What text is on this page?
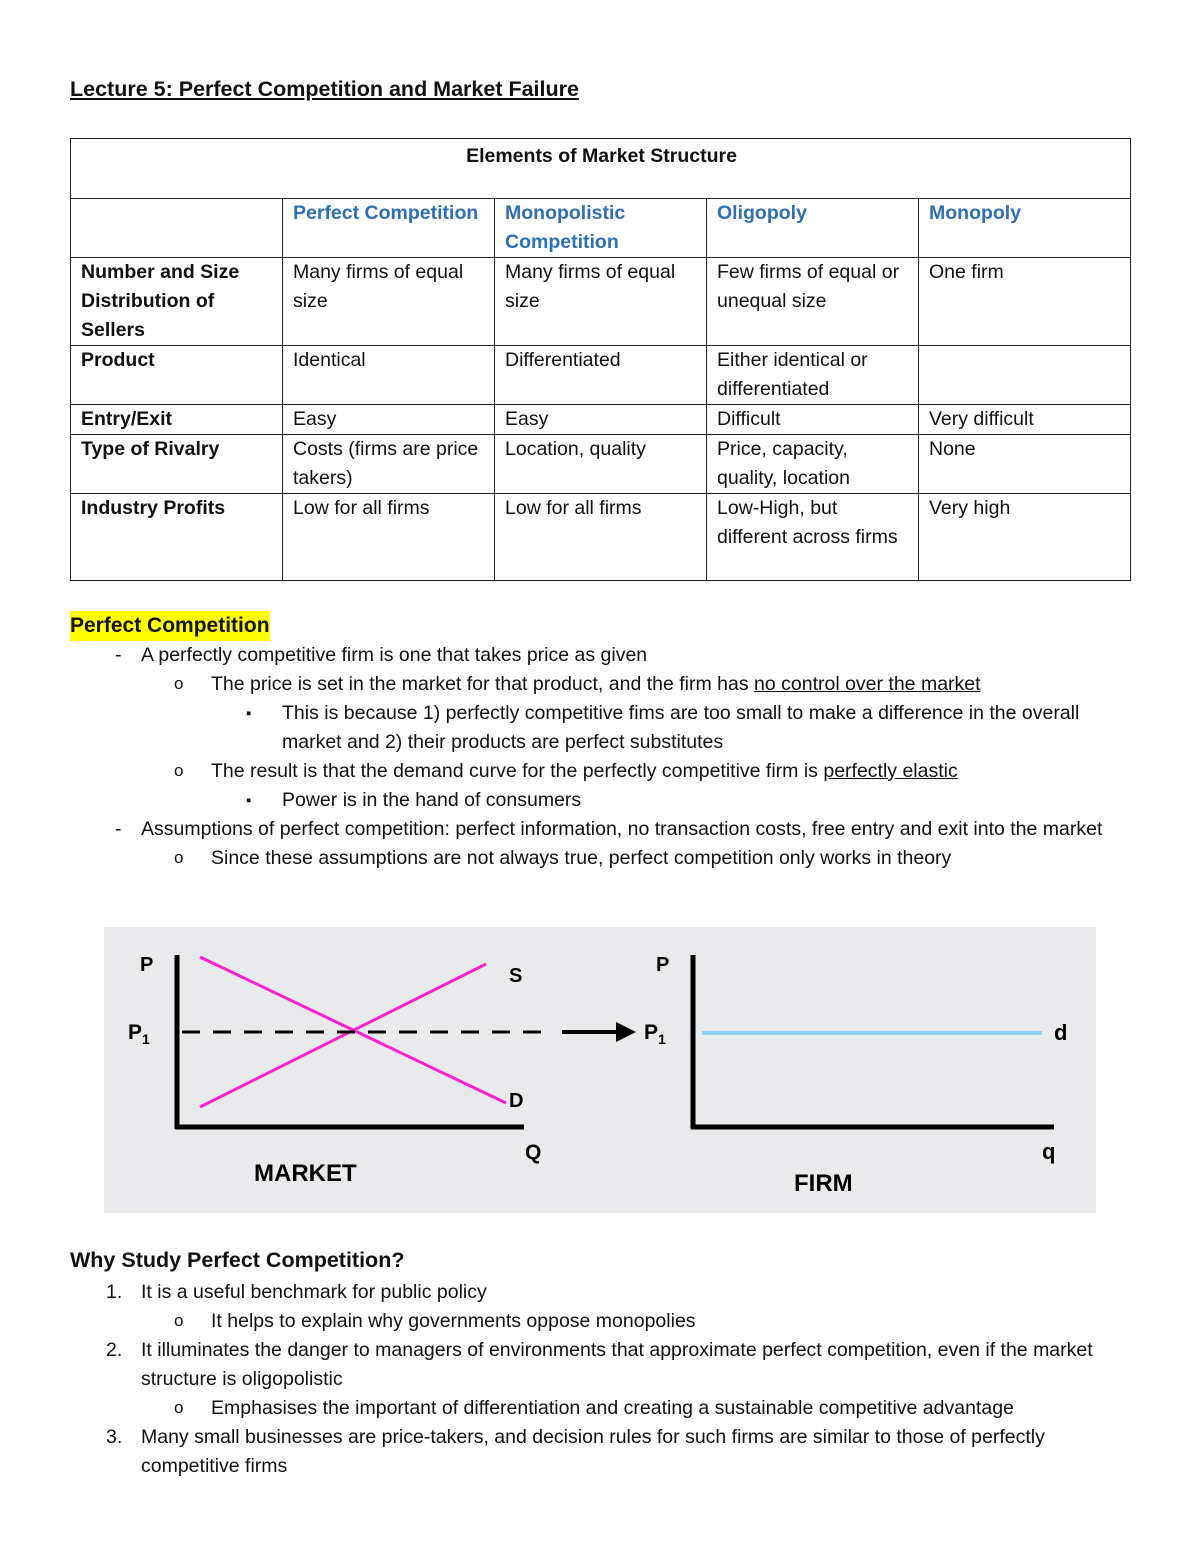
Lecture 5: Perfect Competition and Market Failure
Elements of Market Structure				
	Perfect Competition	Monopolistic Competition	Oligopoly	Monopoly
Number and Size Distribution of Sellers	Many firms of equal size	Many firms of equal size	Few firms of equal or unequal size	One firm
Product	Identical	Differentiated	Either identical or differentiated	
Entry/Exit	Easy	Easy	Difficult	Very difficult
Type of Rivalry	Costs (firms are price takers)	Location, quality	Price, capacity, quality, location	None
Industry Profits	Low for all firms	Low for all firms	Low-High, but different across firms	Very high
Perfect Competition
- A perfectly competitive firm is one that takes price as given
o The price is set in the market for that product, and the firm has no control over the market
▪ This is because 1) perfectly competitive fims are too small to make a difference in the overall market and 2) their products are perfect substitutes
o The result is that the demand curve for the perfectly competitive firm is perfectly elastic
▪ Power is in the hand of consumers
- Assumptions of perfect competition: perfect information, no transaction costs, free entry and exit into the market
o Since these assumptions are not always true, perfect competition only works in theory
P
$P_1$
S
D
Q
MARKET
P
$P_1$	d
q
FIRM
Why Study Perfect Competition?
1. It is a useful benchmark for public policy
o It helps to explain why governments oppose monopolies
2. It illuminates the danger to managers of environments that approximate perfect competition, even if the market structure is oligopolistic
o Emphasises the important of differentiation and creating a sustainable competitive advantage
3. Many small businesses are price-takers, and decision rules for such firms are similar to those of perfectly competitive firms
